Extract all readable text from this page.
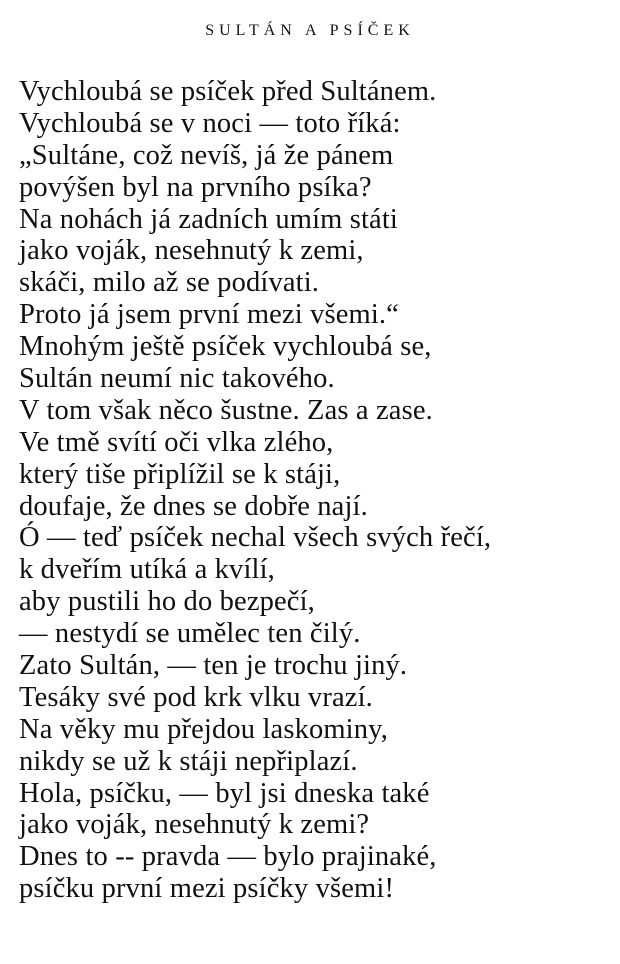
SULTÁN A PSÍČEK
Vychloubá se psíček před Sultánem.
Vychloubá se v noci — toto říká:
„Sultáne, což nevíš, já že pánem
povýšen byl na prvního psíka?
Na nohách já zadních umím státi
jako voják, nesehnutý k zemi,
skáči, milo až se podívati.
Proto já jsem první mezi všemi.“
Mnohým ještě psíček vychloubá se,
Sultán neumí nic takového.
V tom však něco šustne. Zas a zase.
Ve tmě svítí oči vlka zlého,
který tiše připlížil se k stáji,
doufaje, že dnes se dobře nají.
Ó — teď psíček nechal všech svých řečí,
k dveřím utíká a kvílí,
aby pustili ho do bezpečí,
— nestydí se umělec ten čilý.
Zato Sultán, — ten je trochu jiný.
Tesáky své pod krk vlku vrazí.
Na věky mu přejdou laskominy,
nikdy se už k stáji nepřiplazí.
Hola, psíčku, — byl jsi dneska také
jako voják, nesehnutý k zemi?
Dnes to -- pravda — bylo prajinaké,
psíčku první mezi psíčky všemi!
